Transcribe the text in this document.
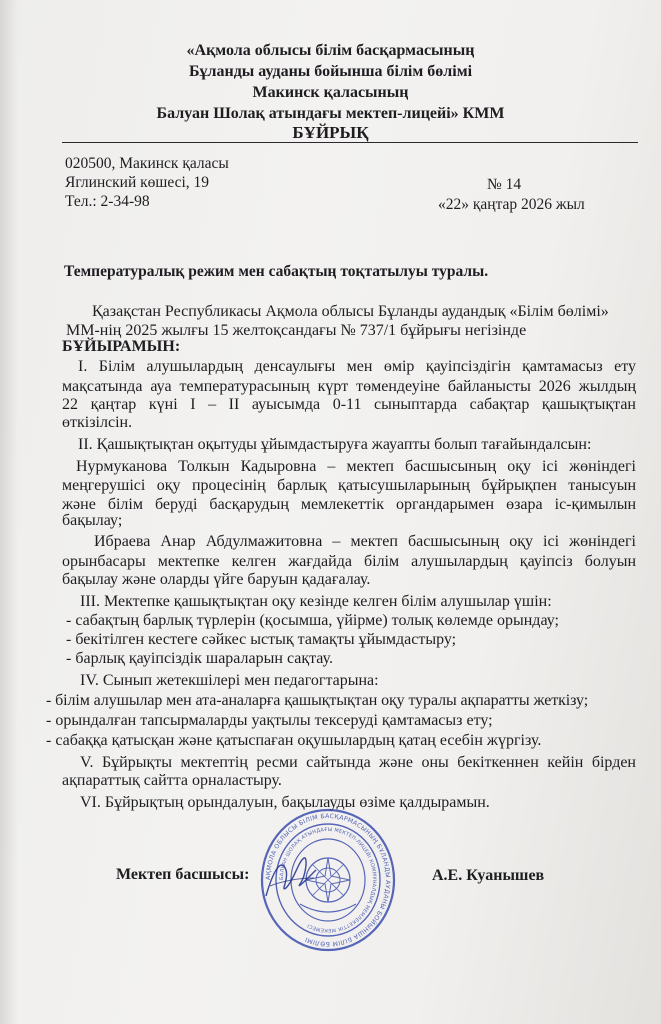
«Ақмола облысы білім басқармасының
Бұланды ауданы бойынша білім бөлімі
Макинск қаласының
Балуан Шолақ атындағы мектеп-лицейі» КММ
БҰЙРЫҚ
020500, Макинск қаласы
Яглинский көшесі, 19
Тел.: 2-34-98
№ 14
«22» қаңтар 2026 жыл
Температуралық режим мен сабақтың тоқтатылуы туралы.
Қазақстан Республикасы Ақмола облысы Бұланды аудандық «Білім бөлімі»
ММ-нің 2025 жылғы 15 желтоқсандағы № 737/1 бұйрығы негізінде
БҰЙЫРАМЫН:
І. Білім алушылардың денсаулығы мен өмір қауіпсіздігін қамтамасыз ету
мақсатында ауа температурасының күрт төмендеуіне байланысты 2026 жылдың
22 қаңтар күні І – ІІ ауысымда 0-11 сыныптарда сабақтар қашықтықтан
өткізілсін.
ІІ. Қашықтықтан оқытуды ұйымдастыруға жауапты болып тағайындалсын:
Нурмуканова Толкын Кадыровна – мектеп басшысының оқу ісі жөніндегі
меңгерушісі оқу процесінің барлық қатысушыларының бұйрықпен танысуын
және білім беруді басқарудың мемлекеттік органдарымен өзара іс-қимылын
бақылау;
Ибраева Анар Абдулмажитовна – мектеп басшысының оқу ісі жөніндегі
орынбасары мектепке келген жағдайда білім алушылардың қауіпсіз болуын
бақылау және оларды үйге баруын қадағалау.
ІІІ. Мектепке қашықтықтан оқу кезінде келген білім алушылар үшін:
- сабақтың барлық түрлерін (қосымша, үйірме) толық көлемде орындау;
- бекітілген кестеге сәйкес ыстық тамақты ұйымдастыру;
- барлық қауіпсіздік шараларын сақтау.
ІV. Сынып жетекшілері мен педагогтарына:
- білім алушылар мен ата-аналарға қашықтықтан оқу туралы ақпаратты жеткізу;
- орындалған тапсырмаларды уақтылы тексеруді қамтамасыз ету;
- сабаққа қатысқан және қатыспаған оқушылардың қатаң есебін жүргізу.
V. Бұйрықты мектептің ресми сайтында және оны бекіткеннен кейін бірден
ақпараттық сайтта орналастыру.
VI. Бұйрықтың орындалуын, бақылауды өзіме қалдырамын.
АҚМОЛА ОБЛЫСЫ БІЛІМ БАСҚАРМАСЫНЫҢ БҰЛАНДЫ АУДАНЫ БОЙЫНША БІЛІМ БӨЛІМІ
БАЛУАН ШОЛАҚ АТЫНДАҒЫ МЕКТЕП-ЛИЦЕЙІ КОММУНАЛДЫҚ МЕМЛЕКЕТТІК МЕКЕМЕСІ
Мектеп басшысы:	А.Е. Куанышев
